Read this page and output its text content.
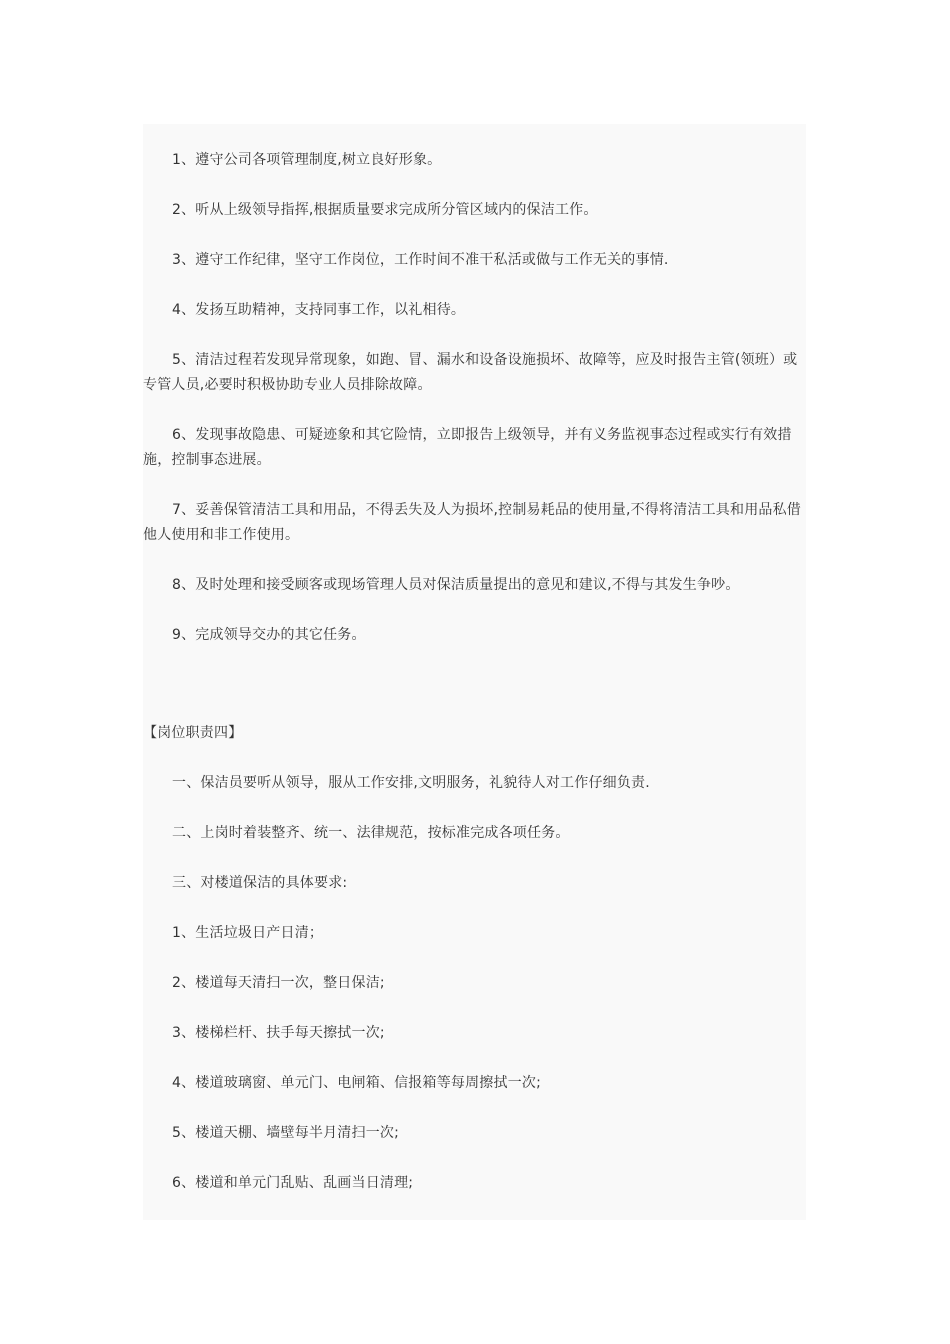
1、遵守公司各项管理制度,树立良好形象。

2、听从上级领导指挥,根据质量要求完成所分管区域内的保洁工作。

3、遵守工作纪律，坚守工作岗位，工作时间不准干私活或做与工作无关的事情.

4、发扬互助精神，支持同事工作，以礼相待。

5、清洁过程若发现异常现象，如跑、冒、漏水和设备设施损坏、故障等，应及时报告主管(领班）或专管人员,必要时积极协助专业人员排除故障。

6、发现事故隐患、可疑迹象和其它险情，立即报告上级领导，并有义务监视事态过程或实行有效措施，控制事态进展。

7、妥善保管清洁工具和用品，不得丢失及人为损坏,控制易耗品的使用量,不得将清洁工具和用品私借他人使用和非工作使用。

8、及时处理和接受顾客或现场管理人员对保洁质量提出的意见和建议,不得与其发生争吵。

9、完成领导交办的其它任务。

【岗位职责四】

一、保洁员要听从领导，服从工作安排,文明服务，礼貌待人对工作仔细负责.

二、上岗时着装整齐、统一、法律规范，按标准完成各项任务。

三、对楼道保洁的具体要求:

1、生活垃圾日产日清；

2、楼道每天清扫一次，整日保洁;

3、楼梯栏杆、扶手每天擦拭一次;

4、楼道玻璃窗、单元门、电闸箱、信报箱等每周擦拭一次;

5、楼道天棚、墙壁每半月清扫一次;

6、楼道和单元门乱贴、乱画当日清理;
